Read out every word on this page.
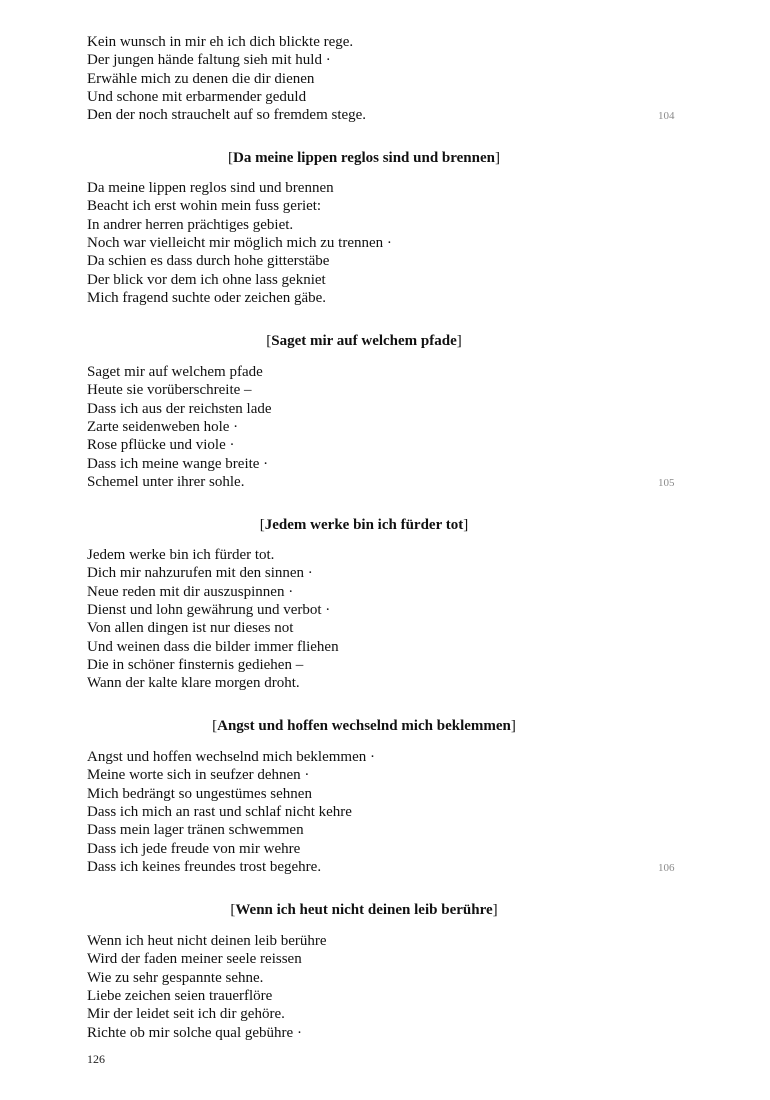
Kein wunsch in mir eh ich dich blickte rege.
Der jungen hände faltung sieh mit huld ·
Erwähle mich zu denen die dir dienen
Und schone mit erbarmender geduld
Den der noch strauchelt auf so fremdem stege.
[Da meine lippen reglos sind und brennen]
Da meine lippen reglos sind und brennen
Beacht ich erst wohin mein fuss geriet:
In andrer herren prächtiges gebiet.
Noch war vielleicht mir möglich mich zu trennen ·
Da schien es dass durch hohe gitterstäbe
Der blick vor dem ich ohne lass gekniet
Mich fragend suchte oder zeichen gäbe.
[Saget mir auf welchem pfade]
Saget mir auf welchem pfade
Heute sie vorüberschreite –
Dass ich aus der reichsten lade
Zarte seidenweben hole ·
Rose pflücke und viole ·
Dass ich meine wange breite ·
Schemel unter ihrer sohle.
[Jedem werke bin ich fürder tot]
Jedem werke bin ich fürder tot.
Dich mir nahzurufen mit den sinnen ·
Neue reden mit dir auszuspinnen ·
Dienst und lohn gewährung und verbot ·
Von allen dingen ist nur dieses not
Und weinen dass die bilder immer fliehen
Die in schöner finsternis gediehen –
Wann der kalte klare morgen droht.
[Angst und hoffen wechselnd mich beklemmen]
Angst und hoffen wechselnd mich beklemmen ·
Meine worte sich in seufzer dehnen ·
Mich bedrängt so ungestümes sehnen
Dass ich mich an rast und schlaf nicht kehre
Dass mein lager tränen schwemmen
Dass ich jede freude von mir wehre
Dass ich keines freundes trost begehre.
[Wenn ich heut nicht deinen leib berühre]
Wenn ich heut nicht deinen leib berühre
Wird der faden meiner seele reissen
Wie zu sehr gespannte sehne.
Liebe zeichen seien trauerflöre
Mir der leidet seit ich dir gehöre.
Richte ob mir solche qual gebühre ·
104
105
106
126
